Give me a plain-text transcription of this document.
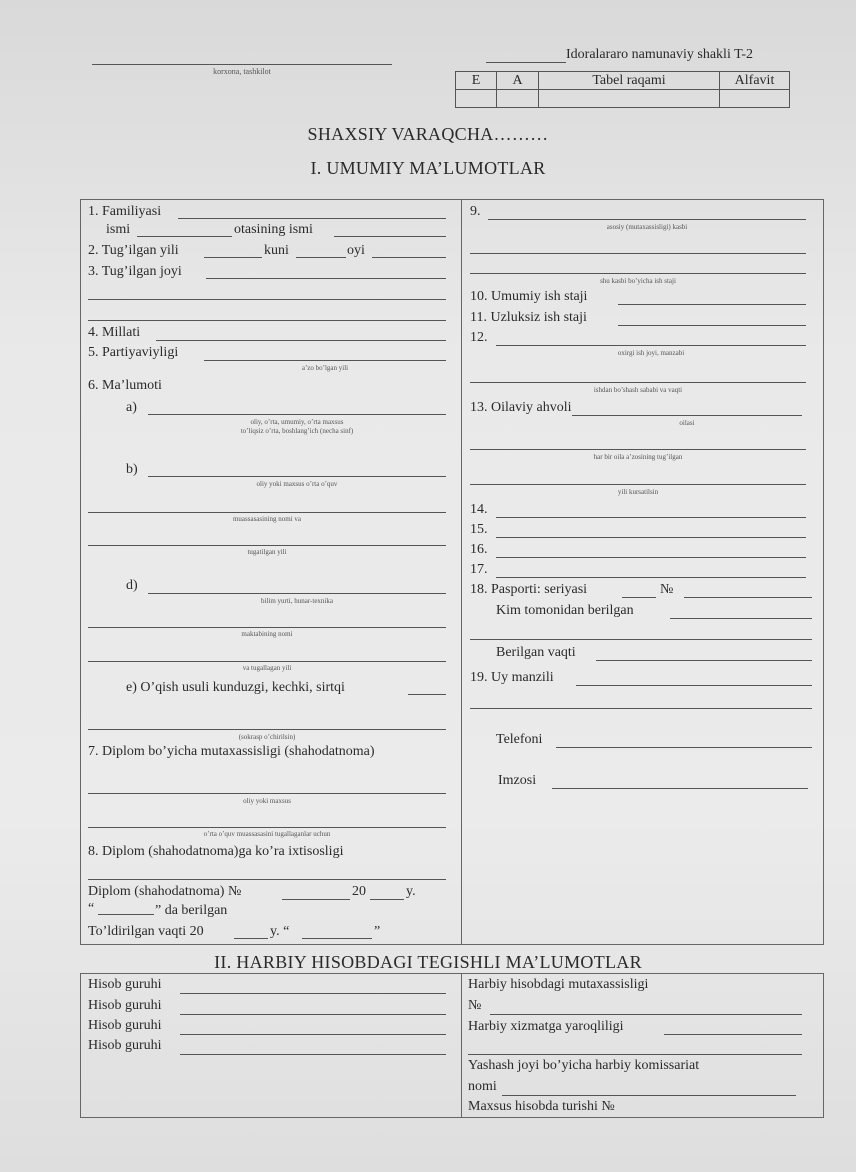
korxona, tashkilot
Idoralararo namunaviy shakli T-2
E	A	Tabel raqami	Alfavit

SHAXSIY VARAQCHA………
I. UMUMIY MA’LUMOTLAR
1. Familiyasi
ismi	otasining ismi
2. Tug’ilgan yili	kuni	oyi
3. Tug’ilgan joyi
4. Millati
5. Partiyaviyligi
a’zo bo’lgan yili
6. Ma’lumoti
a)
oliy, o’rta, umumiy, o’rta maxsus
to’liqsiz o’rta, boshlang’ich (necha sinf)
b)
oliy yoki maxsus o’rta o’quv
muassasasining nomi va
tugatilgan yili
d)
bilim yurti, hunar-texnika
maktabining nomi
va tugallagan yili
e) O’qish usuli kunduzgi, kechki, sirtqi
(sokrasp o’chirilsin)
7. Diplom bo’yicha mutaxassisligi (shahodatnoma)
oliy yoki maxsus
o’rta o’quv muassasasini tugallaganlar uchun
8. Diplom (shahodatnoma)ga ko’ra ixtisosligi
Diplom (shahodatnoma) №	20	y.
“	” da berilgan
To’ldirilgan vaqti 20	y. “	”
9.
asosiy (mutaxassisligi) kasbi
shu kasbi bo’yicha ish staji
10. Umumiy ish staji
11. Uzluksiz ish staji
12.
oxirgi ish joyi, manzabi
ishdan bo’shash sababi va vaqti
13. Oilaviy ahvoli
oilasi
har bir oila a’zosining tug’ilgan
yili kursatilsin
14.
15.
16.
17.
18. Pasporti: seriyasi	№
Kim tomonidan berilgan
Berilgan vaqti
19. Uy manzili
Telefoni
Imzosi
II. HARBIY HISOBDAGI TEGISHLI MA’LUMOTLAR
Hisob guruhi
Hisob guruhi
Hisob guruhi
Hisob guruhi
Harbiy hisobdagi mutaxassisligi
№
Harbiy xizmatga yaroqliligi
Yashash joyi bo’yicha harbiy komissariat
nomi
Maxsus hisobda turishi №
